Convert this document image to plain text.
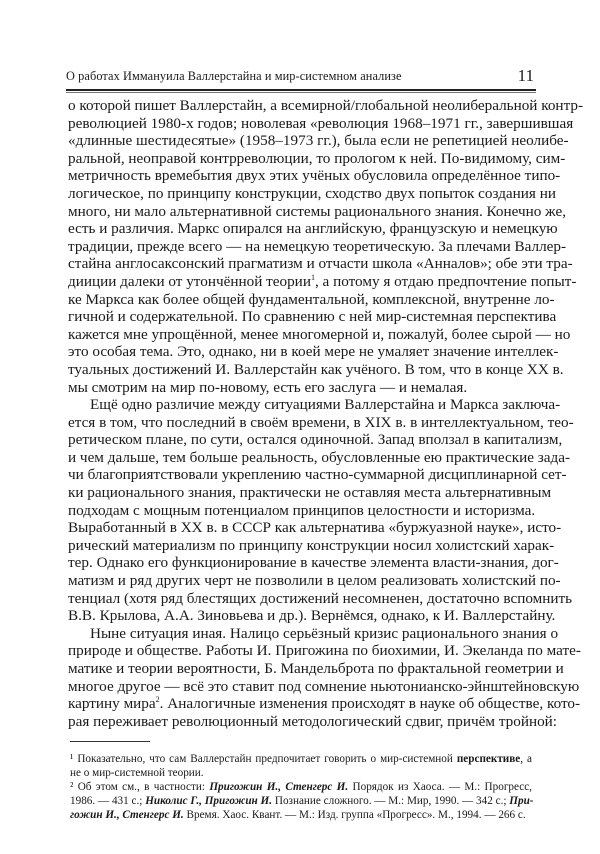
О работах Иммануила Валлерстайна и мир-системном анализе	11
о которой пишет Валлерстайн, а всемирной/глобальной неолиберальной контр-
революцией 1980-х годов; новолевая «революция 1968–1971 гг., завершившая
«длинные шестидесятые» (1958–1973 гг.), была если не репетицией неолибе-
ральной, неоправой контрреволюции, то прологом к ней. По-видимому, сим-
метричность времебытия двух этих учёных обусловила определённое типо-
логическое, по принципу конструкции, сходство двух попыток создания ни
много, ни мало альтернативной системы рационального знания. Конечно же,
есть и различия. Маркс опирался на английскую, французскую и немецкую
традиции, прежде всего — на немецкую теоретическую. За плечами Валлер-
стайна англосаксонский прагматизм и отчасти школа «Анналов»; обе эти тра-
дииции далеки от утончённой теории$^1$, а потому я отдаю предпочтение попыт-
ке Маркса как более общей фундаментальной, комплексной, внутренне ло-
гичной и содержательной. По сравнению с ней мир-системная перспектива
кажется мне упрощённой, менее многомерной и, пожалуй, более сырой — но
это особая тема. Это, однако, ни в коей мере не умаляет значение интеллек-
туальных достижений И. Валлерстайн как учёного. В том, что в конце XX в.
мы смотрим на мир по-новому, есть его заслуга — и немалая.
Ещё одно различие между ситуациями Валлерстайна и Маркса заключа-
ется в том, что последний в своём времени, в XIX в. в интеллектуальном, тео-
ретическом плане, по сути, остался одиночной. Запад вползал в капитализм,
и чем дальше, тем больше реальность, обусловленные ею практические зада-
чи благоприятствовали укреплению частно-суммарной дисциплинарной сет-
ки рационального знания, практически не оставляя места альтернативным
подходам с мощным потенциалом принципов целостности и историзма.
Выработанный в XX в. в СССР как альтернатива «буржуазной науке», исто-
рический материализм по принципу конструкции носил холистский харак-
тер. Однако его функционирование в качестве элемента власти-знания, дог-
матизм и ряд других черт не позволили в целом реализовать холистский по-
тенциал (хотя ряд блестящих достижений несомненен, достаточно вспомнить
В.В. Крылова, А.А. Зиновьева и др.). Вернёмся, однако, к И. Валлерстайну.
Ныне ситуация иная. Налицо серьёзный кризис рационального знания о
природе и обществе. Работы И. Пригожина по биохимии, И. Экеланда по мате-
матике и теории вероятности, Б. Мандельброта по фрактальной геометрии и
многое другое — всё это ставит под сомнение ньютонианско-эйнштейновскую
картину мира$^2$. Аналогичные изменения происходят в науке об обществе, кото-
рая переживает революционный методологический сдвиг, причём тройной:
¹ Показательно, что сам Валлерстайн предпочитает говорить о мир-системной перспективе, а
не о мир-системной теории.
² Об этом см., в частности: Пригожин И., Стенгерс И. Порядок из Хаоса. — М.: Прогресс,
1986. — 431 с.; Николис Г., Пригожин И. Познание сложного. — М.: Мир, 1990. — 342 с.; При-
гожин И., Стенгерс И. Время. Хаос. Квант. — М.: Изд. группа «Прогресс». М., 1994. — 266 с.
